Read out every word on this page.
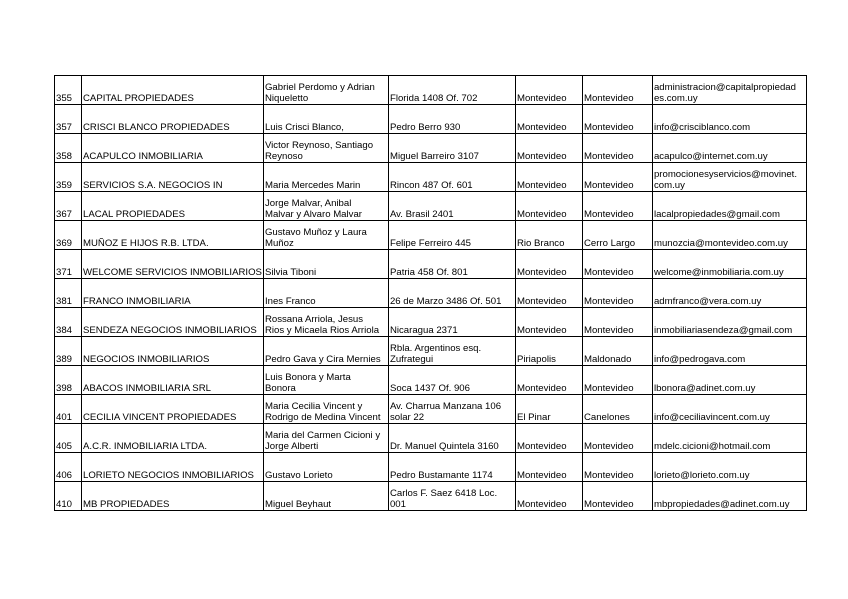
355	CAPITAL PROPIEDADES	Gabriel Perdomo y Adrian
Niqueletto	Florida 1408 Of. 702	Montevideo	Montevideo	administracion@capitalpropiedad
es.com.uy

357	CRISCI BLANCO PROPIEDADES	Luis Crisci Blanco,	Pedro Berro 930	Montevideo	Montevideo	info@crisciblanco.com

358	ACAPULCO INMOBILIARIA	Victor Reynoso, Santiago
Reynoso	Miguel Barreiro 3107	Montevideo	Montevideo	acapulco@internet.com.uy

359	SERVICIOS S.A. NEGOCIOS IN	Maria Mercedes Marin	Rincon 487 Of. 601	Montevideo	Montevideo	promocionesyservicios@movinet.
com.uy

367	LACAL PROPIEDADES	Jorge Malvar, Anibal
Malvar y Alvaro Malvar	Av. Brasil 2401	Montevideo	Montevideo	lacalpropiedades@gmail.com

369	MUÑOZ E HIJOS R.B. LTDA.	Gustavo Muñoz y Laura
Muñoz	Felipe Ferreiro 445	Rio Branco	Cerro Largo	munozcia@montevideo.com.uy

371	WELCOME SERVICIOS INMOBILIARIOS	Silvia Tiboni	Patria 458 Of. 801	Montevideo	Montevideo	welcome@inmobiliaria.com.uy

381	FRANCO INMOBILIARIA	Ines Franco	26 de Marzo 3486 Of. 501	Montevideo	Montevideo	admfranco@vera.com.uy

384	SENDEZA NEGOCIOS INMOBILIARIOS	Rossana Arriola, Jesus
Rios y Micaela Rios Arriola	Nicaragua 2371	Montevideo	Montevideo	inmobiliariasendeza@gmail.com

389	NEGOCIOS INMOBILIARIOS	Pedro Gava y Cira Mernies	Rbla. Argentinos esq.
Zufrategui	Piriapolis	Maldonado	info@pedrogava.com

398	ABACOS INMOBILIARIA SRL	Luis Bonora y Marta
Bonora	Soca 1437 Of. 906	Montevideo	Montevideo	lbonora@adinet.com.uy

401	CECILIA VINCENT PROPIEDADES	Maria Cecilia Vincent y
Rodrigo de Medina Vincent	Av. Charrua Manzana 106
solar 22	El Pinar	Canelones	info@ceciliavincent.com.uy

405	A.C.R. INMOBILIARIA LTDA.	Maria del Carmen Cicioni y
Jorge Alberti	Dr. Manuel Quintela 3160	Montevideo	Montevideo	mdelc.cicioni@hotmail.com

406	LORIETO NEGOCIOS INMOBILIARIOS	Gustavo Lorieto	Pedro Bustamante 1174	Montevideo	Montevideo	lorieto@lorieto.com.uy

410	MB PROPIEDADES	Miguel Beyhaut	Carlos F. Saez 6418 Loc.
001	Montevideo	Montevideo	mbpropiedades@adinet.com.uy
